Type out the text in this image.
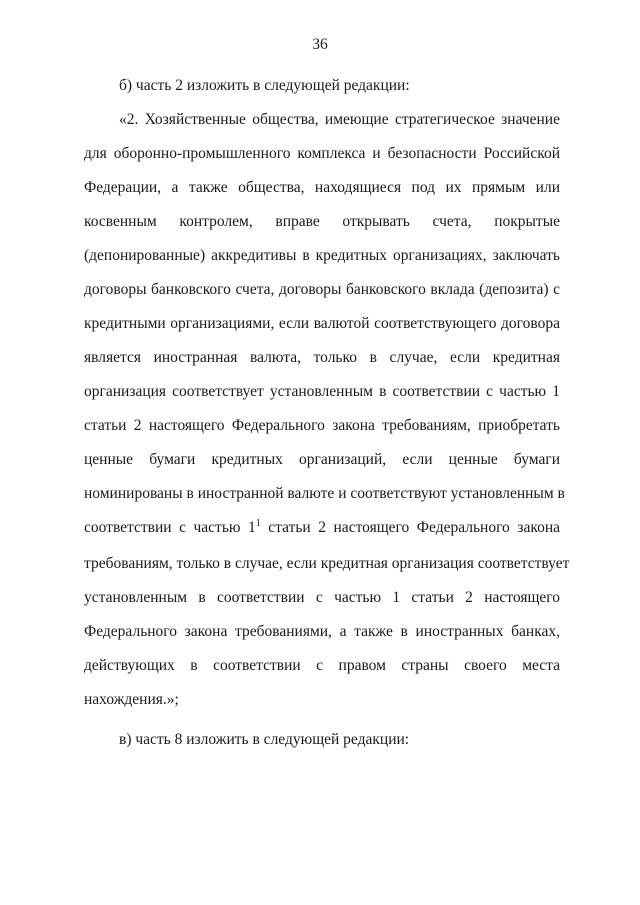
36
б) часть 2 изложить в следующей редакции:
«2. Хозяйственные общества, имеющие стратегическое значение
для оборонно-промышленного комплекса и безопасности Российской
Федерации, а также общества, находящиеся под их прямым или
косвенным контролем, вправе открывать счета, покрытые
(депонированные) аккредитивы в кредитных организациях, заключать
договоры банковского счета, договоры банковского вклада (депозита) с
кредитными организациями, если валютой соответствующего договора
является иностранная валюта, только в случае, если кредитная
организация соответствует установленным в соответствии с частью 1
статьи 2 настоящего Федерального закона требованиям, приобретать
ценные бумаги кредитных организаций, если ценные бумаги
номинированы в иностранной валюте и соответствуют установленным в
соответствии с частью $1^1$ статьи 2 настоящего Федерального закона
требованиям, только в случае, если кредитная организация соответствует
установленным в соответствии с частью 1 статьи 2 настоящего
Федерального закона требованиями, а также в иностранных банках,
действующих в соответствии с правом страны своего места
нахождения.»;
в) часть 8 изложить в следующей редакции:
